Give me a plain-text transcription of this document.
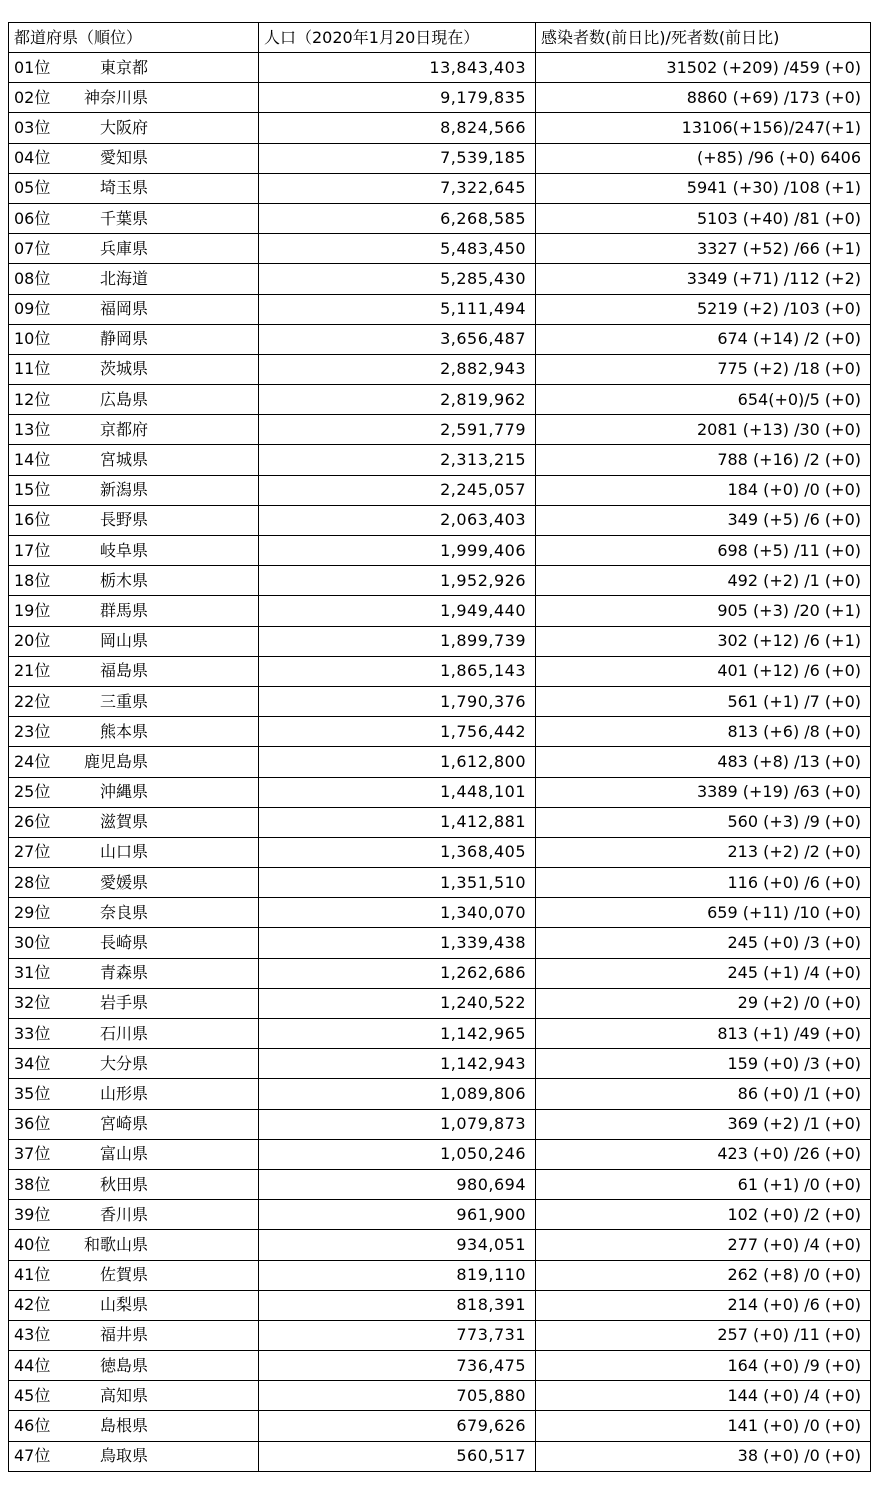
都道府県（順位）	人口（2020年1月20日現在）	感染者数(前日比)/死者数(前日比)
01位 東京都	13,843,403	31502 (+209) /459 (+0)
02位 神奈川県	9,179,835	8860 (+69) /173 (+0)
03位 大阪府	8,824,566	13106(+156)/247(+1)
04位 愛知県	7,539,185	(+85) /96 (+0) 6406
05位 埼玉県	7,322,645	5941 (+30) /108 (+1)
06位 千葉県	6,268,585	5103 (+40) /81 (+0)
07位 兵庫県	5,483,450	3327 (+52) /66 (+1)
08位 北海道	5,285,430	3349 (+71) /112 (+2)
09位 福岡県	5,111,494	5219 (+2) /103 (+0)
10位 静岡県	3,656,487	674 (+14) /2 (+0)
11位 茨城県	2,882,943	775 (+2) /18 (+0)
12位 広島県	2,819,962	654(+0)/5 (+0)
13位 京都府	2,591,779	2081 (+13) /30 (+0)
14位 宮城県	2,313,215	788 (+16) /2 (+0)
15位 新潟県	2,245,057	184 (+0) /0 (+0)
16位 長野県	2,063,403	349 (+5) /6 (+0)
17位 岐阜県	1,999,406	698 (+5) /11 (+0)
18位 栃木県	1,952,926	492 (+2) /1 (+0)
19位 群馬県	1,949,440	905 (+3) /20 (+1)
20位 岡山県	1,899,739	302 (+12) /6 (+1)
21位 福島県	1,865,143	401 (+12) /6 (+0)
22位 三重県	1,790,376	561 (+1) /7 (+0)
23位 熊本県	1,756,442	813 (+6) /8 (+0)
24位 鹿児島県	1,612,800	483 (+8) /13 (+0)
25位 沖縄県	1,448,101	3389 (+19) /63 (+0)
26位 滋賀県	1,412,881	560 (+3) /9 (+0)
27位 山口県	1,368,405	213 (+2) /2 (+0)
28位 愛媛県	1,351,510	116 (+0) /6 (+0)
29位 奈良県	1,340,070	659 (+11) /10 (+0)
30位 長崎県	1,339,438	245 (+0) /3 (+0)
31位 青森県	1,262,686	245 (+1) /4 (+0)
32位 岩手県	1,240,522	29 (+2) /0 (+0)
33位 石川県	1,142,965	813 (+1) /49 (+0)
34位 大分県	1,142,943	159 (+0) /3 (+0)
35位 山形県	1,089,806	86 (+0) /1 (+0)
36位 宮崎県	1,079,873	369 (+2) /1 (+0)
37位 富山県	1,050,246	423 (+0) /26 (+0)
38位 秋田県	980,694	61 (+1) /0 (+0)
39位 香川県	961,900	102 (+0) /2 (+0)
40位 和歌山県	934,051	277 (+0) /4 (+0)
41位 佐賀県	819,110	262 (+8) /0 (+0)
42位 山梨県	818,391	214 (+0) /6 (+0)
43位 福井県	773,731	257 (+0) /11 (+0)
44位 徳島県	736,475	164 (+0) /9 (+0)
45位 高知県	705,880	144 (+0) /4 (+0)
46位 島根県	679,626	141 (+0) /0 (+0)
47位 鳥取県	560,517	38 (+0) /0 (+0)
